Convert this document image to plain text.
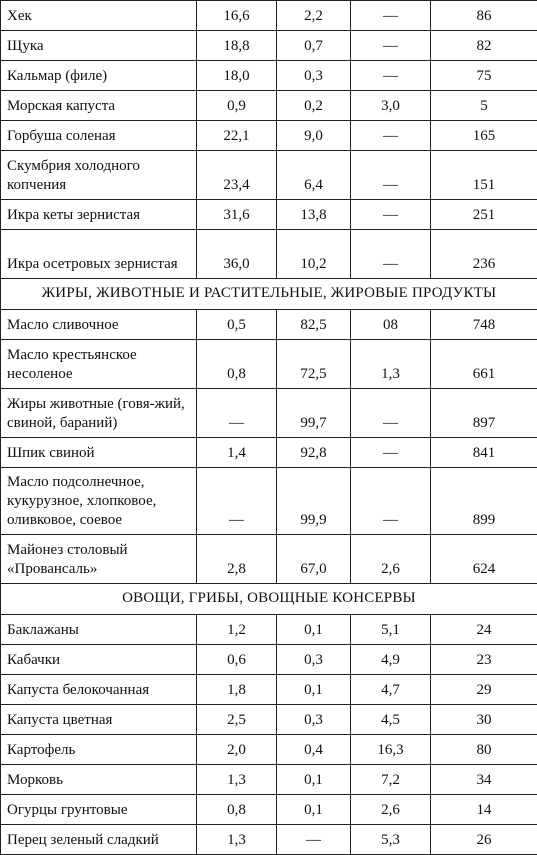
Хек	16,6	2,2	—	86
Щука	18,8	0,7	—	82
Кальмар (филе)	18,0	0,3	—	75
Морская капуста	0,9	0,2	3,0	5
Горбуша соленая	22,1	9,0	—	165
Скумбрия холодного копчения	23,4	6,4	—	151
Икра кеты зернистая	31,6	13,8	—	251
Икра осетровых зернистая	36,0	10,2	—	236
ЖИРЫ, ЖИВОТНЫЕ И РАСТИТЕЛЬНЫЕ, ЖИРОВЫЕ ПРОДУКТЫ				
Масло сливочное	0,5	82,5	08	748
Масло крестьянское несоленое	0,8	72,5	1,3	661
Жиры животные (говя-жий, свиной, бараний)	—	99,7	—	897
Шпик свиной	1,4	92,8	—	841
Масло подсолнечное, кукурузное, хлопковое, оливковое, соевое	—	99,9	—	899
Майонез столовый «Провансаль»	2,8	67,0	2,6	624
ОВОЩИ, ГРИБЫ, ОВОЩНЫЕ КОНСЕРВЫ				
Баклажаны	1,2	0,1	5,1	24
Кабачки	0,6	0,3	4,9	23
Капуста белокочанная	1,8	0,1	4,7	29
Капуста цветная	2,5	0,3	4,5	30
Картофель	2,0	0,4	16,3	80
Морковь	1,3	0,1	7,2	34
Огурцы грунтовые	0,8	0,1	2,6	14
Перец зеленый сладкий	1,3	—	5,3	26
